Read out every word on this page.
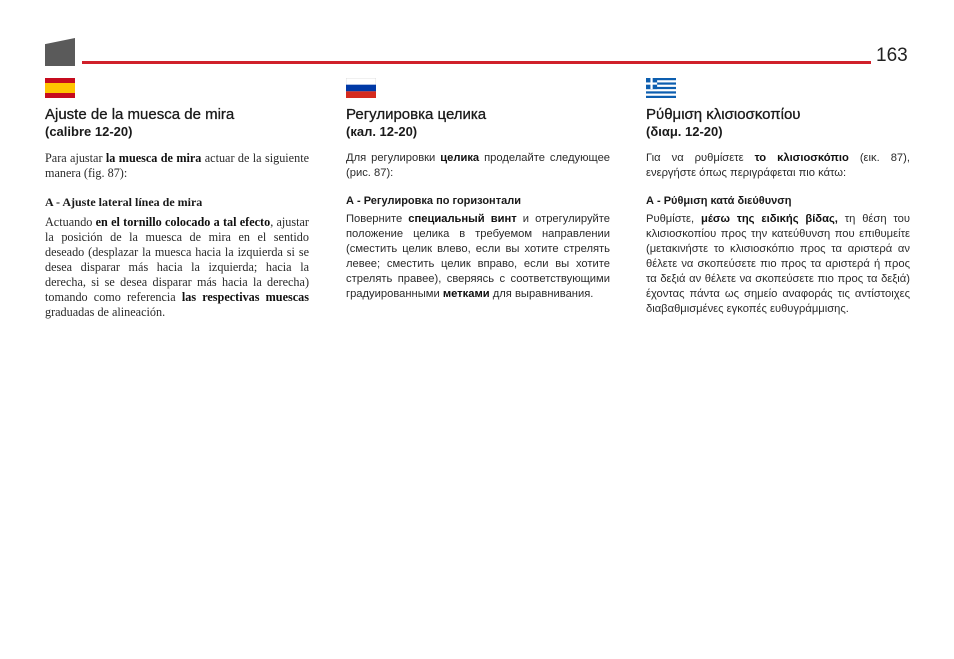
163
Ajuste de la muesca de mira
(calibre 12-20)

Para ajustar la muesca de mira actuar de la siguiente manera (fig. 87):

A - Ajuste lateral línea de mira

Actuando en el tornillo colocado a tal efecto, ajustar la posición de la muesca de mira en el sentido deseado (desplazar la muesca hacia la izquierda si se desea disparar más hacia la izquierda; hacia la derecha, si se desea disparar más hacia la derecha) tomando como referencia las respectivas muescas graduadas de alineación.

Регулировка целика
(кал. 12-20)

Для регулировки целика проделайте следующее (рис. 87):

А - Регулировка по горизонтали

Поверните специальный винт и отрегулируйте положение целика в требуемом направлении (сместить целик влево, если вы хотите стрелять левее; сместить целик вправо, если вы хотите стрелять правее), сверяясь с соответствующими градуированными метками для выравнивания.

Ρύθμιση κλισιοσκοπίου
(διαμ. 12-20)

Για να ρυθμίσετε το κλισιοσκόπιο (εικ. 87), ενεργήστε όπως περιγράφεται πιο κάτω:

Α - Ρύθμιση κατά διεύθυνση

Ρυθμίστε, μέσω της ειδικής βίδας, τη θέση του κλισιοσκοπίου προς την κατεύθυνση που επιθυμείτε (μετακινήστε το κλισιοσκόπιο προς τα αριστερά αν θέλετε να σκοπεύσετε πιο προς τα αριστερά ή προς τα δεξιά αν θέλετε να σκοπεύσετε πιο προς τα δεξιά) έχοντας πάντα ως σημείο αναφοράς τις αντίστοιχες διαβαθμισμένες εγκοπές ευθυγράμμισης.
